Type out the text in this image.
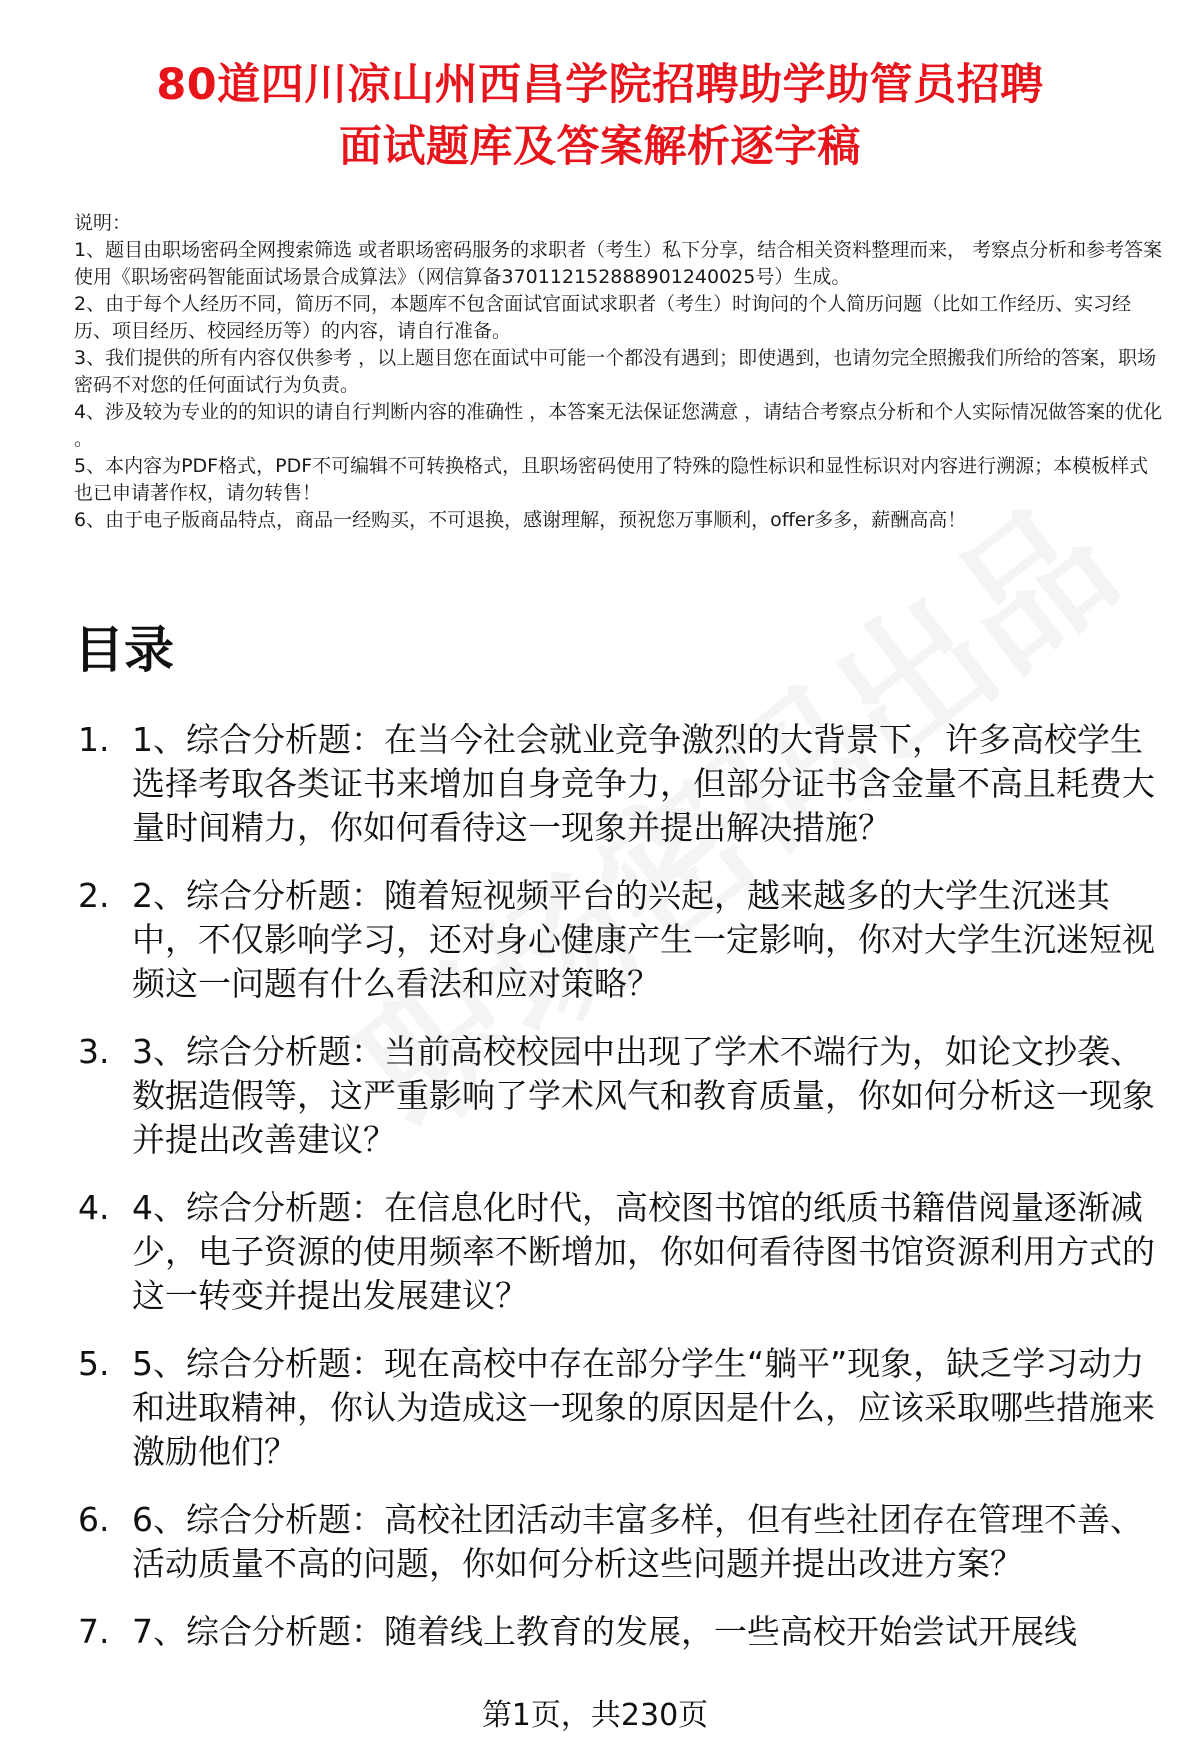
80道四川凉山州西昌学院招聘助学助管员招聘
面试题库及答案解析逐字稿

说明：

1、题目由职场密码全网搜索筛选 或者职场密码服务的求职者（考生）私下分享，结合相关资料整理而来， 考察点分析和参考答案使用《职场密码智能面试场景合成算法》（网信算备370112152888901240025号）生成。

2、由于每个人经历不同，简历不同，本题库不包含面试官面试求职者（考生）时询问的个人简历问题（比如工作经历、实习经历、项目经历、校园经历等）的内容，请自行准备。

3、我们提供的所有内容仅供参考 ，以上题目您在面试中可能一个都没有遇到；即使遇到，也请勿完全照搬我们所给的答案，职场密码不对您的任何面试行为负责。

4、涉及较为专业的的知识的请自行判断内容的准确性 ，本答案无法保证您满意 ，请结合考察点分析和个人实际情况做答案的优化 。

5、本内容为PDF格式，PDF不可编辑不可转换格式，且职场密码使用了特殊的隐性标识和显性标识对内容进行溯源；本模板样式也已申请著作权，请勿转售！

6、由于电子版商品特点，商品一经购买，不可退换，感谢理解，预祝您万事顺利，offer多多，薪酬高高！

目录
1. 1、综合分析题：在当今社会就业竞争激烈的大背景下，许多高校学生选择考取各类证书来增加自身竞争力，但部分证书含金量不高且耗费大量时间精力，你如何看待这一现象并提出解决措施？
2. 2、综合分析题：随着短视频平台的兴起，越来越多的大学生沉迷其中，不仅影响学习，还对身心健康产生一定影响，你对大学生沉迷短视频这一问题有什么看法和应对策略？
3. 3、综合分析题：当前高校校园中出现了学术不端行为，如论文抄袭、数据造假等，这严重影响了学术风气和教育质量，你如何分析这一现象并提出改善建议？
4. 4、综合分析题：在信息化时代，高校图书馆的纸质书籍借阅量逐渐减少，电子资源的使用频率不断增加，你如何看待图书馆资源利用方式的这一转变并提出发展建议？
5. 5、综合分析题：现在高校中存在部分学生“躺平”现象，缺乏学习动力和进取精神，你认为造成这一现象的原因是什么，应该采取哪些措施来激励他们？
6. 6、综合分析题：高校社团活动丰富多样，但有些社团存在管理不善、活动质量不高的问题，你如何分析这些问题并提出改进方案？
7. 7、综合分析题：随着线上教育的发展，一些高校开始尝试开展线
第1页，共230页
